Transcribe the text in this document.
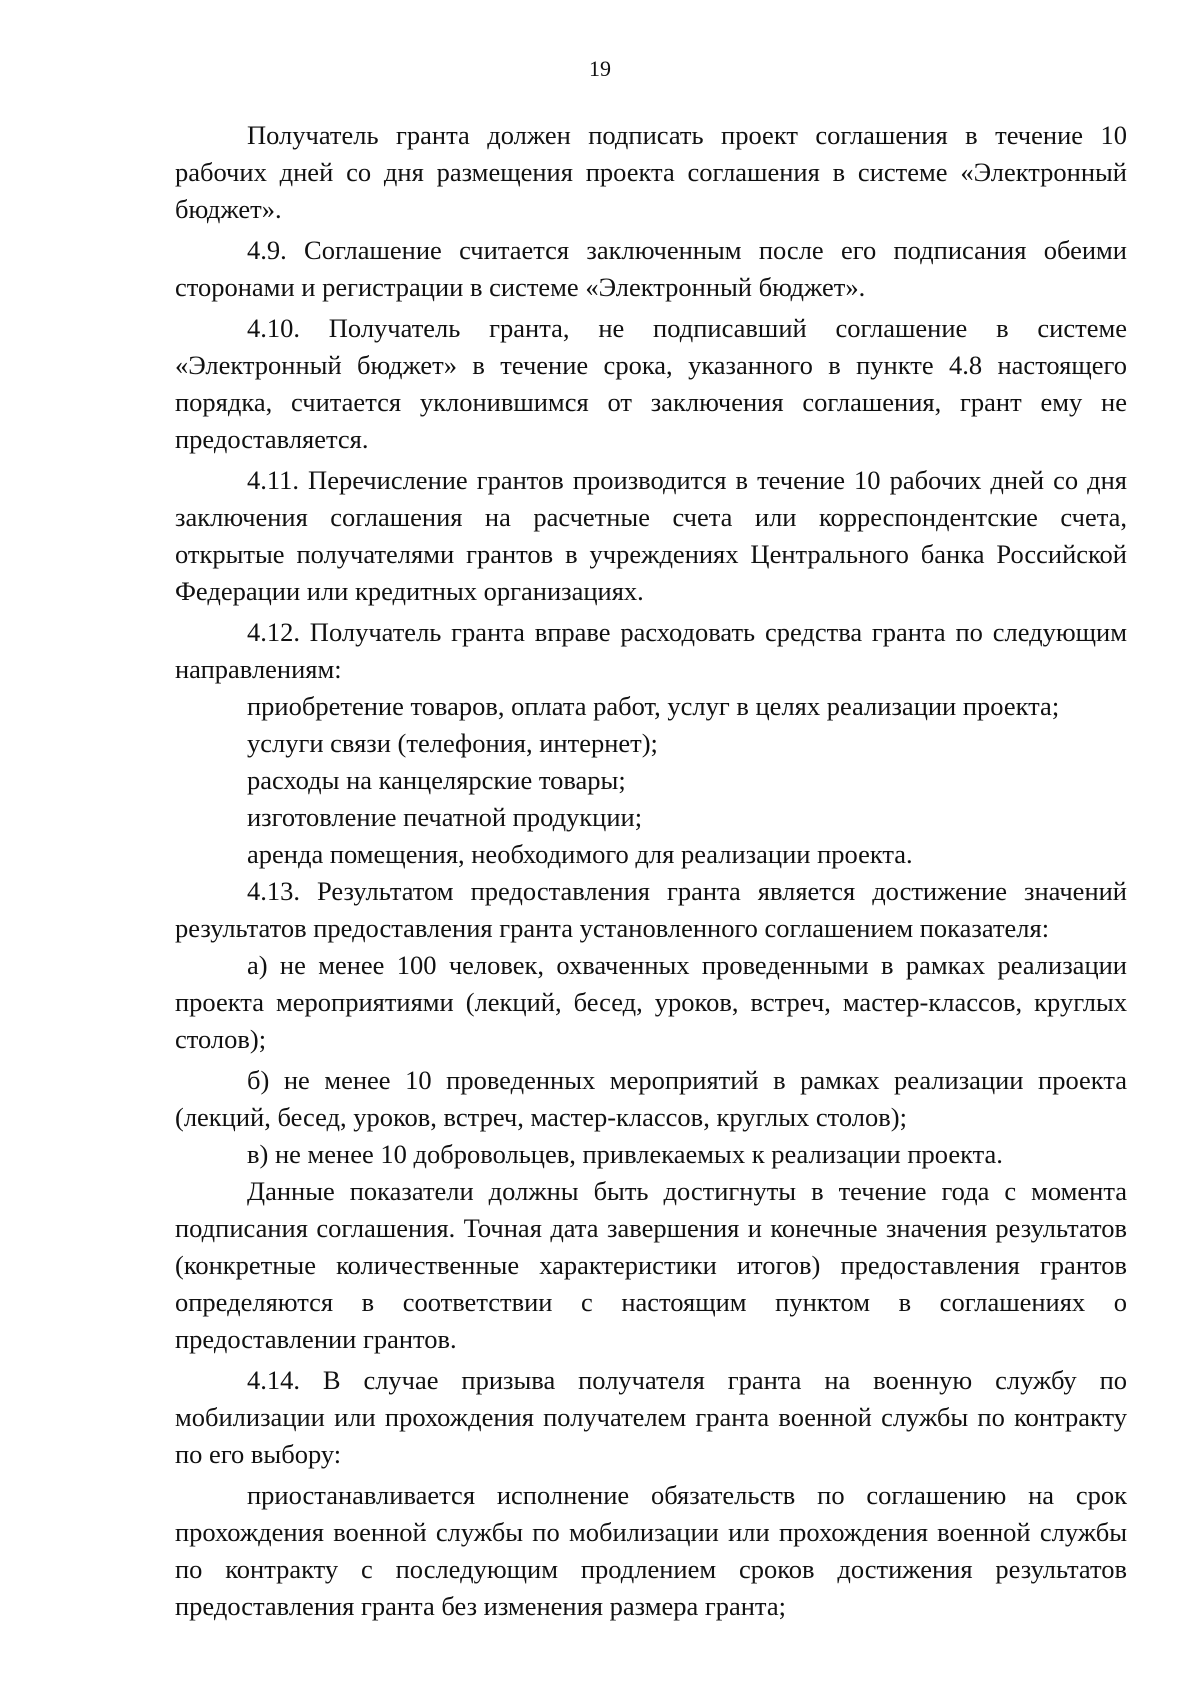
19

Получатель гранта должен подписать проект соглашения в течение 10 рабочих дней со дня размещения проекта соглашения в системе «Электронный бюджет».

4.9. Соглашение считается заключенным после его подписания обеими сторонами и регистрации в системе «Электронный бюджет».

4.10. Получатель гранта, не подписавший соглашение в системе «Электронный бюджет» в течение срока, указанного в пункте 4.8 настоящего порядка, считается уклонившимся от заключения соглашения, грант ему не предоставляется.

4.11. Перечисление грантов производится в течение 10 рабочих дней со дня заключения соглашения на расчетные счета или корреспондентские счета, открытые получателями грантов в учреждениях Центрального банка Российской Федерации или кредитных организациях.

4.12. Получатель гранта вправе расходовать средства гранта по следующим направлениям:

приобретение товаров, оплата работ, услуг в целях реализации проекта;

услуги связи (телефония, интернет);

расходы на канцелярские товары;

изготовление печатной продукции;

аренда помещения, необходимого для реализации проекта.

4.13. Результатом предоставления гранта является достижение значений результатов предоставления гранта установленного соглашением показателя:

а) не менее 100 человек, охваченных проведенными в рамках реализации проекта мероприятиями (лекций, бесед, уроков, встреч, мастер-классов, круглых столов);

б) не менее 10 проведенных мероприятий в рамках реализации проекта (лекций, бесед, уроков, встреч, мастер-классов, круглых столов);

в) не менее 10 добровольцев, привлекаемых к реализации проекта.

Данные показатели должны быть достигнуты в течение года с момента подписания соглашения. Точная дата завершения и конечные значения результатов (конкретные количественные характеристики итогов) предоставления грантов определяются в соответствии с настоящим пунктом в соглашениях о предоставлении грантов.

4.14. В случае призыва получателя гранта на военную службу по мобилизации или прохождения получателем гранта военной службы по контракту по его выбору:

приостанавливается исполнение обязательств по соглашению на срок прохождения военной службы по мобилизации или прохождения военной службы по контракту с последующим продлением сроков достижения результатов предоставления гранта без изменения размера гранта;
